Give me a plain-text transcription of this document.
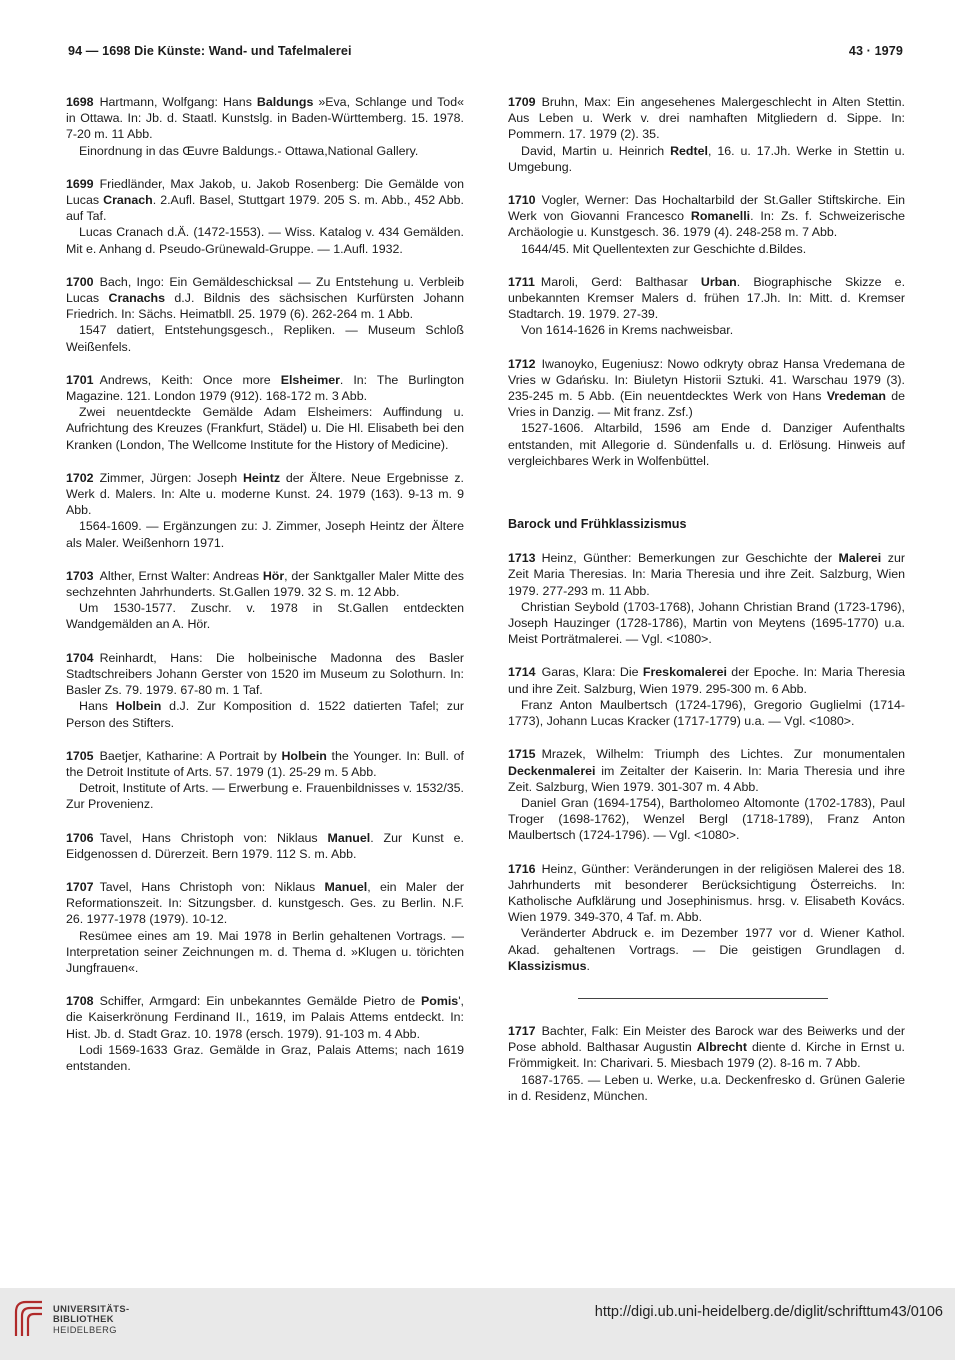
94 — 1698 Die Künste: Wand- und Tafelmalerei	43 · 1979

1698 Hartmann, Wolfgang: Hans Baldungs »Eva, Schlange und Tod« in Ottawa. In: Jb. d. Staatl. Kunstslg. in Baden-Württemberg. 15. 1978. 7-20 m. 11 Abb.

Einordnung in das Œuvre Baldungs.- Ottawa,National Gallery.

1699 Friedländer, Max Jakob, u. Jakob Rosenberg: Die Gemälde von Lucas Cranach. 2.Aufl. Basel, Stuttgart 1979. 205 S. m. Abb., 452 Abb. auf Taf.

Lucas Cranach d.Ä. (1472-1553). — Wiss. Katalog v. 434 Gemälden. Mit e. Anhang d. Pseudo-Grünewald-Gruppe. — 1.Aufl. 1932.

1700 Bach, Ingo: Ein Gemäldeschicksal — Zu Entstehung u. Verbleib Lucas Cranachs d.J. Bildnis des sächsischen Kurfürsten Johann Friedrich. In: Sächs. Heimatbll. 25. 1979 (6). 262-264 m. 1 Abb.

1547 datiert, Entstehungsgesch., Repliken. — Museum Schloß Weißenfels.

1701 Andrews, Keith: Once more Elsheimer. In: The Burlington Magazine. 121. London 1979 (912). 168-172 m. 3 Abb.

Zwei neuentdeckte Gemälde Adam Elsheimers: Auffindung u. Aufrichtung des Kreuzes (Frankfurt, Städel) u. Die Hl. Elisabeth bei den Kranken (London, The Wellcome Institute for the History of Medicine).

1702 Zimmer, Jürgen: Joseph Heintz der Ältere. Neue Ergebnisse z. Werk d. Malers. In: Alte u. moderne Kunst. 24. 1979 (163). 9-13 m. 9 Abb.

1564-1609. — Ergänzungen zu: J. Zimmer, Joseph Heintz der Ältere als Maler. Weißenhorn 1971.

1703 Alther, Ernst Walter: Andreas Hör, der Sanktgaller Maler Mitte des sechzehnten Jahrhunderts. St.Gallen 1979. 32 S. m. 12 Abb.

Um 1530-1577. Zuschr. v. 1978 in St.Gallen entdeckten Wandgemälden an A. Hör.

1704 Reinhardt, Hans: Die holbeinische Madonna des Basler Stadtschreibers Johann Gerster von 1520 im Museum zu Solothurn. In: Basler Zs. 79. 1979. 67-80 m. 1 Taf.

Hans Holbein d.J. Zur Komposition d. 1522 datierten Tafel; zur Person des Stifters.

1705 Baetjer, Katharine: A Portrait by Holbein the Younger. In: Bull. of the Detroit Institute of Arts. 57. 1979 (1). 25-29 m. 5 Abb.

Detroit, Institute of Arts. — Erwerbung e. Frauenbildnisses v. 1532/35. Zur Provenienz.

1706 Tavel, Hans Christoph von: Niklaus Manuel. Zur Kunst e. Eidgenossen d. Dürerzeit. Bern 1979. 112 S. m. Abb.

1707 Tavel, Hans Christoph von: Niklaus Manuel, ein Maler der Reformationszeit. In: Sitzungsber. d. kunstgesch. Ges. zu Berlin. N.F. 26. 1977-1978 (1979). 10-12.

Resümee eines am 19. Mai 1978 in Berlin gehaltenen Vortrags. — Interpretation seiner Zeichnungen m. d. Thema d. »Klugen u. törichten Jungfrauen«.

1708 Schiffer, Armgard: Ein unbekanntes Gemälde Pietro de Pomis', die Kaiserkrönung Ferdinand II., 1619, im Palais Attems entdeckt. In: Hist. Jb. d. Stadt Graz. 10. 1978 (ersch. 1979). 91-103 m. 4 Abb.

Lodi 1569-1633 Graz. Gemälde in Graz, Palais Attems; nach 1619 entstanden.

1709 Bruhn, Max: Ein angesehenes Malergeschlecht in Alten Stettin. Aus Leben u. Werk v. drei namhaften Mitgliedern d. Sippe. In: Pommern. 17. 1979 (2). 35.

David, Martin u. Heinrich Redtel, 16. u. 17.Jh. Werke in Stettin u. Umgebung.

1710 Vogler, Werner: Das Hochaltarbild der St.Galler Stiftskirche. Ein Werk von Giovanni Francesco Romanelli. In: Zs. f. Schweizerische Archäologie u. Kunstgesch. 36. 1979 (4). 248-258 m. 7 Abb.

1644/45. Mit Quellentexten zur Geschichte d.Bildes.

1711 Maroli, Gerd: Balthasar Urban. Biographische Skizze e. unbekannten Kremser Malers d. frühen 17.Jh. In: Mitt. d. Kremser Stadtarch. 19. 1979. 27-39.

Von 1614-1626 in Krems nachweisbar.

1712 Iwanoyko, Eugeniusz: Nowo odkryty obraz Hansa Vredemana de Vries w Gdańsku. In: Biuletyn Historii Sztuki. 41. Warschau 1979 (3). 235-245 m. 5 Abb. (Ein neuentdecktes Werk von Hans Vredeman de Vries in Danzig. — Mit franz. Zsf.)

1527-1606. Altarbild, 1596 am Ende d. Danziger Aufenthalts entstanden, mit Allegorie d. Sündenfalls u. d. Erlösung. Hinweis auf vergleichbares Werk in Wolfenbüttel.

Barock und Frühklassizismus

1713 Heinz, Günther: Bemerkungen zur Geschichte der Malerei zur Zeit Maria Theresias. In: Maria Theresia und ihre Zeit. Salzburg, Wien 1979. 277-293 m. 11 Abb.

Christian Seybold (1703-1768), Johann Christian Brand (1723-1796), Joseph Hauzinger (1728-1786), Martin von Meytens (1695-1770) u.a. Meist Porträtmalerei. — Vgl. <1080>.

1714 Garas, Klara: Die Freskomalerei der Epoche. In: Maria Theresia und ihre Zeit. Salzburg, Wien 1979. 295-300 m. 6 Abb.

Franz Anton Maulbertsch (1724-1796), Gregorio Guglielmi (1714-1773), Johann Lucas Kracker (1717-1779) u.a. — Vgl. <1080>.

1715 Mrazek, Wilhelm: Triumph des Lichtes. Zur monumentalen Deckenmalerei im Zeitalter der Kaiserin. In: Maria Theresia und ihre Zeit. Salzburg, Wien 1979. 301-307 m. 4 Abb.

Daniel Gran (1694-1754), Bartholomeo Altomonte (1702-1783), Paul Troger (1698-1762), Wenzel Bergl (1718-1789), Franz Anton Maulbertsch (1724-1796). — Vgl. <1080>.

1716 Heinz, Günther: Veränderungen in der religiösen Malerei des 18. Jahrhunderts mit besonderer Berücksichtigung Österreichs. In: Katholische Aufklärung und Josephinismus. hrsg. v. Elisabeth Kovács. Wien 1979. 349-370, 4 Taf. m. Abb.

Veränderter Abdruck e. im Dezember 1977 vor d. Wiener Kathol. Akad. gehaltenen Vortrags. — Die geistigen Grundlagen d. Klassizismus.

1717 Bachter, Falk: Ein Meister des Barock war des Beiwerks und der Pose abhold. Balthasar Augustin Albrecht diente d. Kirche in Ernst u. Frömmigkeit. In: Charivari. 5. Miesbach 1979 (2). 8-16 m. 7 Abb.

1687-1765. — Leben u. Werke, u.a. Deckenfresko d. Grünen Galerie in d. Residenz, München.

UNIVERSITÄTS-
BIBLIOTHEK
HEIDELBERG
http://digi.ub.uni-heidelberg.de/diglit/schrifttum43/0106
